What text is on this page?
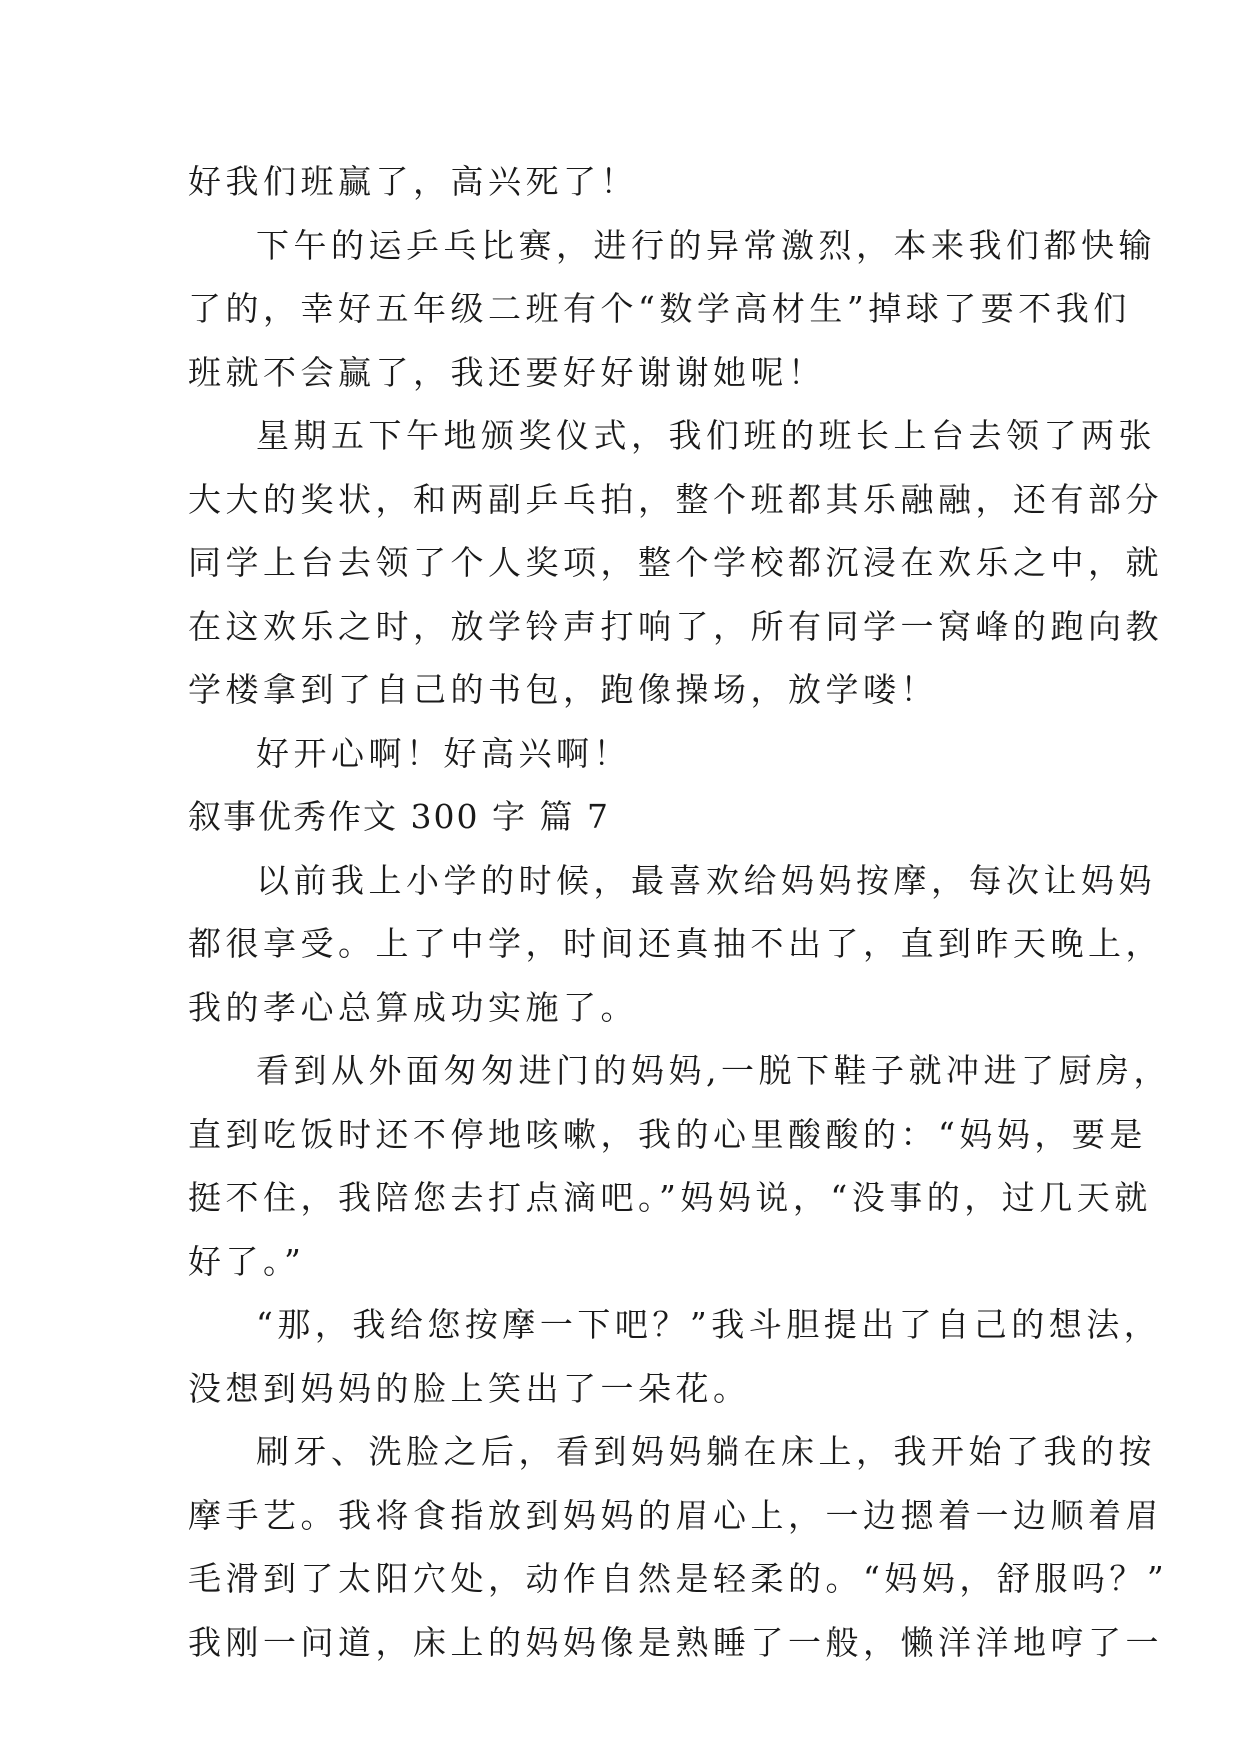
好我们班赢了，高兴死了！
下午的运乒乓比赛，进行的异常激烈，本来我们都快输
了的，幸好五年级二班有个“数学高材生”掉球了要不我们
班就不会赢了，我还要好好谢谢她呢！
星期五下午地颁奖仪式，我们班的班长上台去领了两张
大大的奖状，和两副乒乓拍，整个班都其乐融融，还有部分
同学上台去领了个人奖项，整个学校都沉浸在欢乐之中，就
在这欢乐之时，放学铃声打响了，所有同学一窝峰的跑向教
学楼拿到了自己的书包，跑像操场，放学喽！
好开心啊！好高兴啊！
叙事优秀作文 300 字 篇 7
以前我上小学的时候，最喜欢给妈妈按摩，每次让妈妈
都很享受。上了中学，时间还真抽不出了，直到昨天晚上，
我的孝心总算成功实施了。
看到从外面匆匆进门的妈妈,一脱下鞋子就冲进了厨房，
直到吃饭时还不停地咳嗽，我的心里酸酸的：“妈妈，要是
挺不住，我陪您去打点滴吧。”妈妈说，“没事的，过几天就
好了。”
“那，我给您按摩一下吧？”我斗胆提出了自己的想法，
没想到妈妈的脸上笑出了一朵花。
刷牙、洗脸之后，看到妈妈躺在床上，我开始了我的按
摩手艺。我将食指放到妈妈的眉心上，一边摁着一边顺着眉
毛滑到了太阳穴处，动作自然是轻柔的。“妈妈，舒服吗？”
我刚一问道，床上的妈妈像是熟睡了一般，懒洋洋地哼了一
